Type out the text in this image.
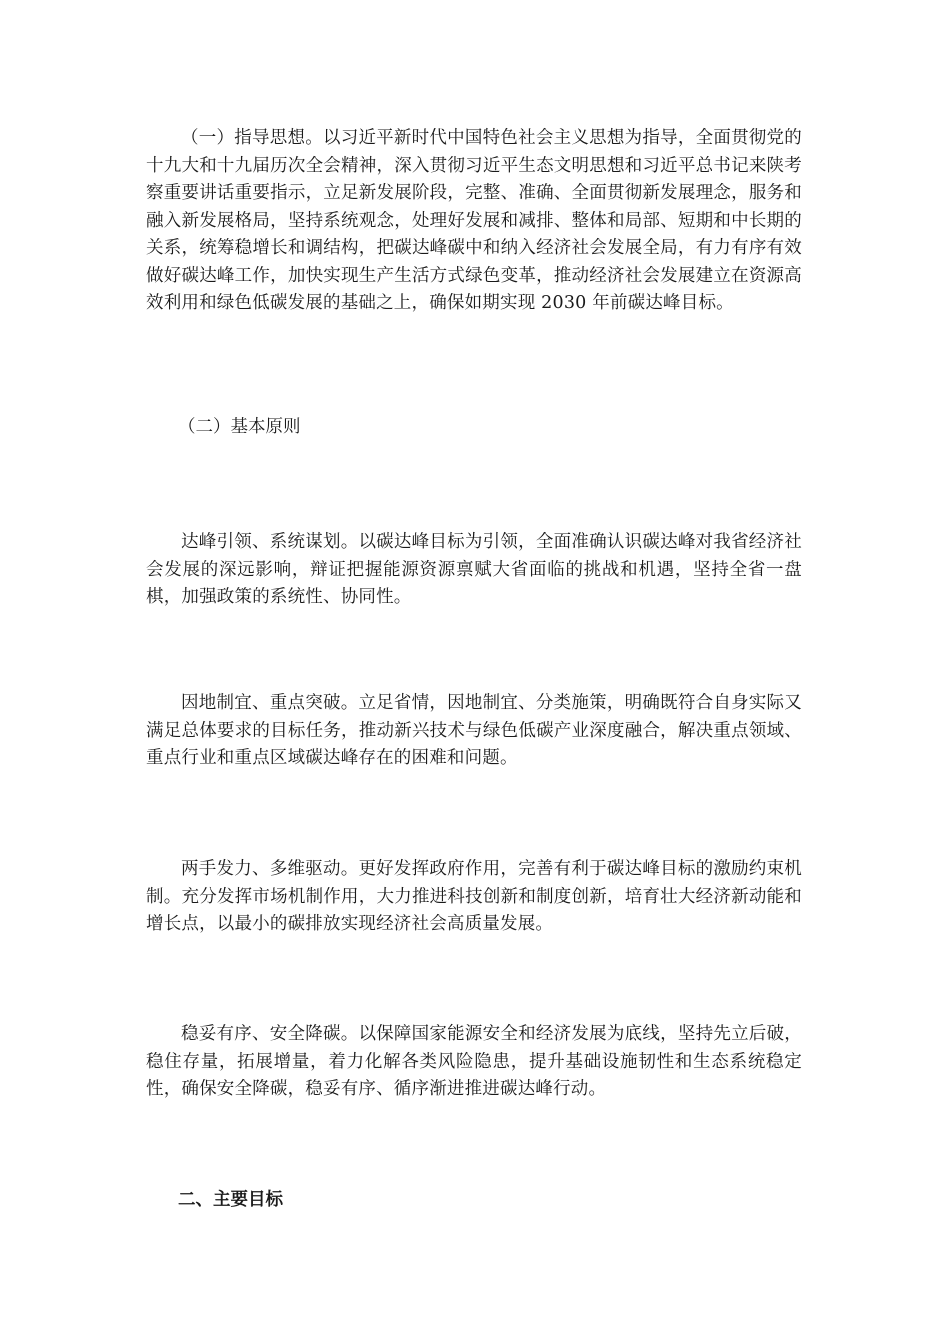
（一）指导思想。以习近平新时代中国特色社会主义思想为指导，全面贯彻党的十九大和十九届历次全会精神，深入贯彻习近平生态文明思想和习近平总书记来陕考察重要讲话重要指示，立足新发展阶段，完整、准确、全面贯彻新发展理念，服务和融入新发展格局，坚持系统观念，处理好发展和减排、整体和局部、短期和中长期的关系，统筹稳增长和调结构，把碳达峰碳中和纳入经济社会发展全局，有力有序有效做好碳达峰工作，加快实现生产生活方式绿色变革，推动经济社会发展建立在资源高效利用和绿色低碳发展的基础之上，确保如期实现 2030 年前碳达峰目标。

（二）基本原则

达峰引领、系统谋划。以碳达峰目标为引领，全面准确认识碳达峰对我省经济社会发展的深远影响，辩证把握能源资源禀赋大省面临的挑战和机遇，坚持全省一盘棋，加强政策的系统性、协同性。

因地制宜、重点突破。立足省情，因地制宜、分类施策，明确既符合自身实际又满足总体要求的目标任务，推动新兴技术与绿色低碳产业深度融合，解决重点领域、重点行业和重点区域碳达峰存在的困难和问题。

两手发力、多维驱动。更好发挥政府作用，完善有利于碳达峰目标的激励约束机制。充分发挥市场机制作用，大力推进科技创新和制度创新，培育壮大经济新动能和增长点，以最小的碳排放实现经济社会高质量发展。

稳妥有序、安全降碳。以保障国家能源安全和经济发展为底线，坚持先立后破，稳住存量，拓展增量，着力化解各类风险隐患，提升基础设施韧性和生态系统稳定性，确保安全降碳，稳妥有序、循序渐进推进碳达峰行动。

二、主要目标
